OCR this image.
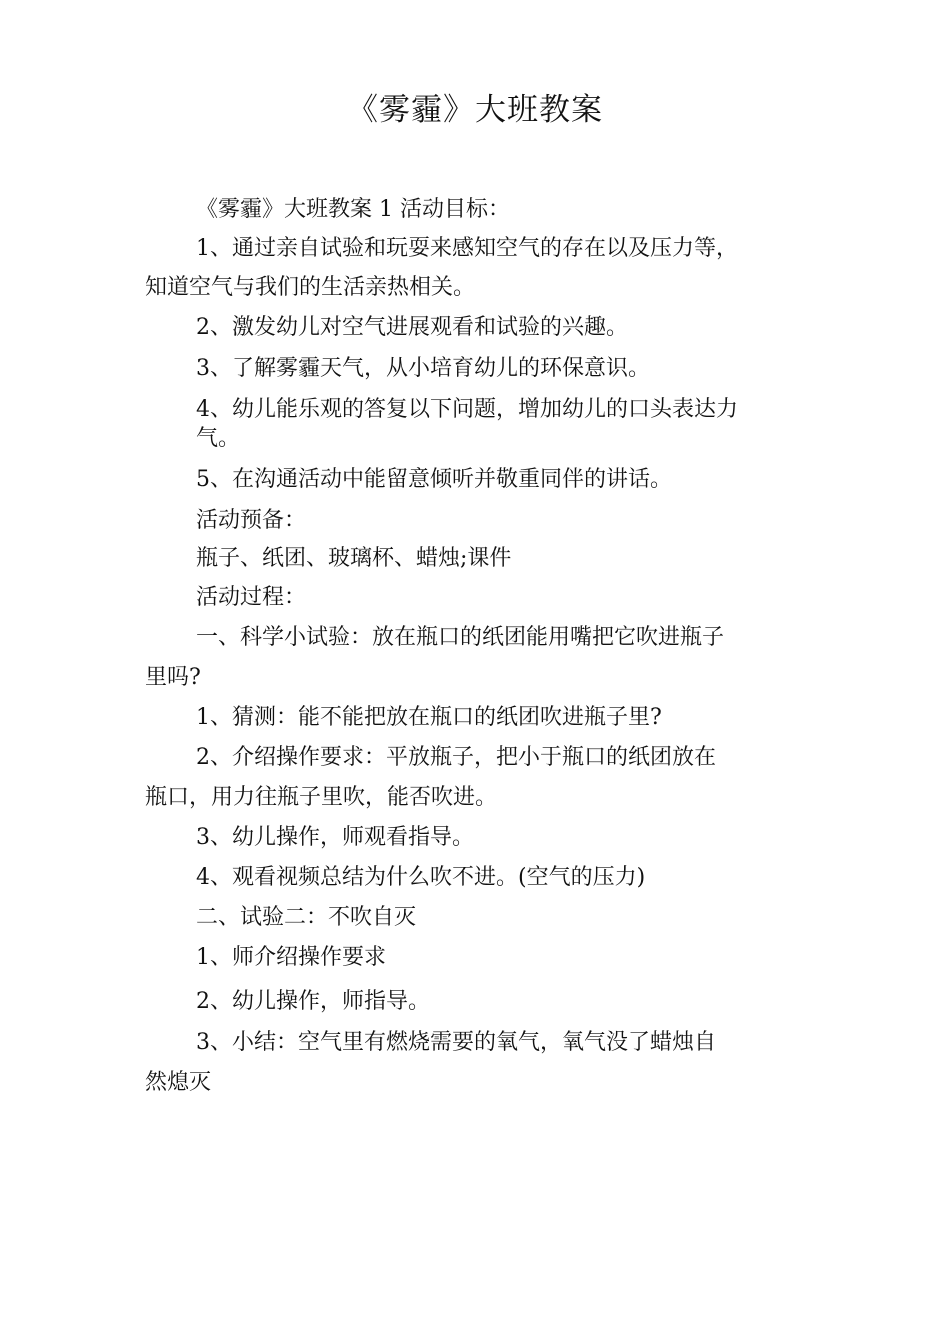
《雾霾》大班教案
《雾霾》大班教案 1 活动目标：
1、通过亲自试验和玩耍来感知空气的存在以及压力等，
知道空气与我们的生活亲热相关。
2、激发幼儿对空气进展观看和试验的兴趣。
3、了解雾霾天气，从小培育幼儿的环保意识。
4、幼儿能乐观的答复以下问题，增加幼儿的口头表达力
气。
5、在沟通活动中能留意倾听并敬重同伴的讲话。
活动预备：
瓶子、纸团、玻璃杯、蜡烛;课件
活动过程：
一、科学小试验：放在瓶口的纸团能用嘴把它吹进瓶子
里吗?
1、猜测：能不能把放在瓶口的纸团吹进瓶子里?
2、介绍操作要求：平放瓶子，把小于瓶口的纸团放在
瓶口，用力往瓶子里吹，能否吹进。
3、幼儿操作，师观看指导。
4、观看视频总结为什么吹不进。(空气的压力)
二、试验二：不吹自灭
1、师介绍操作要求
2、幼儿操作，师指导。
3、小结：空气里有燃烧需要的氧气，氧气没了蜡烛自
然熄灭
